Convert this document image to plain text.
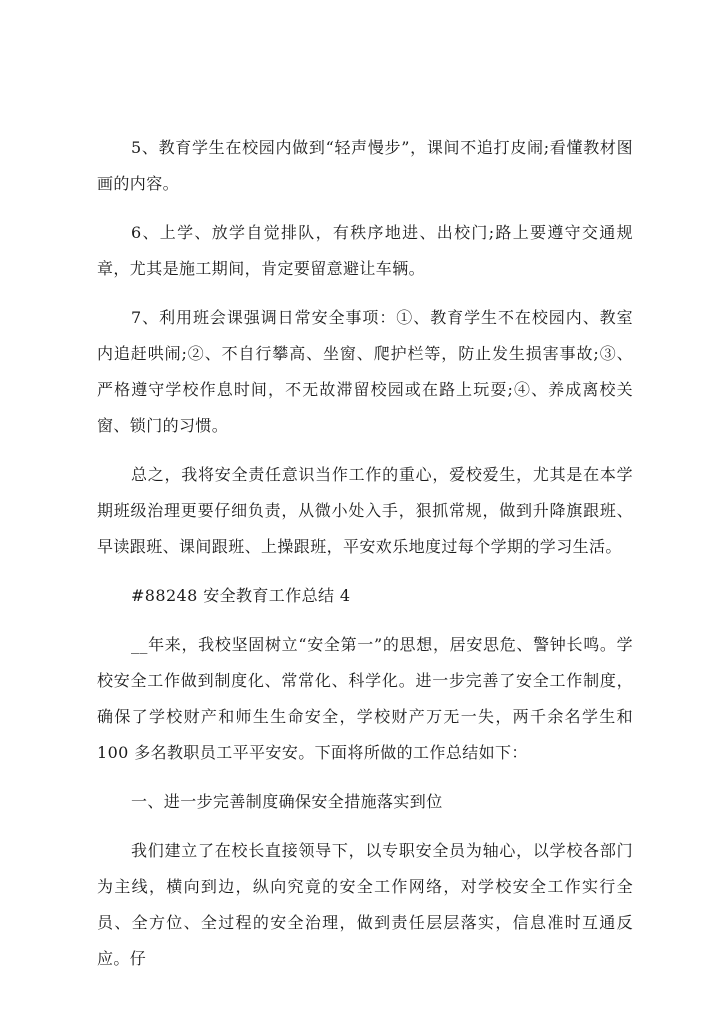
5、教育学生在校园内做到“轻声慢步”，课间不追打皮闹;看懂教材图画的内容。

6、上学、放学自觉排队，有秩序地进、出校门;路上要遵守交通规章，尤其是施工期间，肯定要留意避让车辆。

7、利用班会课强调日常安全事项：①、教育学生不在校园内、教室内追赶哄闹;②、不自行攀高、坐窗、爬护栏等，防止发生损害事故;③、严格遵守学校作息时间，不无故滞留校园或在路上玩耍;④、养成离校关窗、锁门的习惯。

总之，我将安全责任意识当作工作的重心，爱校爱生，尤其是在本学期班级治理更要仔细负责，从微小处入手，狠抓常规，做到升降旗跟班、早读跟班、课间跟班、上操跟班，平安欢乐地度过每个学期的学习生活。

#88248 安全教育工作总结 4

__年来，我校坚固树立“安全第一”的思想，居安思危、警钟长鸣。学校安全工作做到制度化、常常化、科学化。进一步完善了安全工作制度，确保了学校财产和师生生命安全，学校财产万无一失，两千余名学生和100 多名教职员工平平安安。下面将所做的工作总结如下：

一、进一步完善制度确保安全措施落实到位

我们建立了在校长直接领导下，以专职安全员为轴心，以学校各部门为主线，横向到边，纵向究竟的安全工作网络，对学校安全工作实行全员、全方位、全过程的安全治理，做到责任层层落实，信息准时互通反应。仔
